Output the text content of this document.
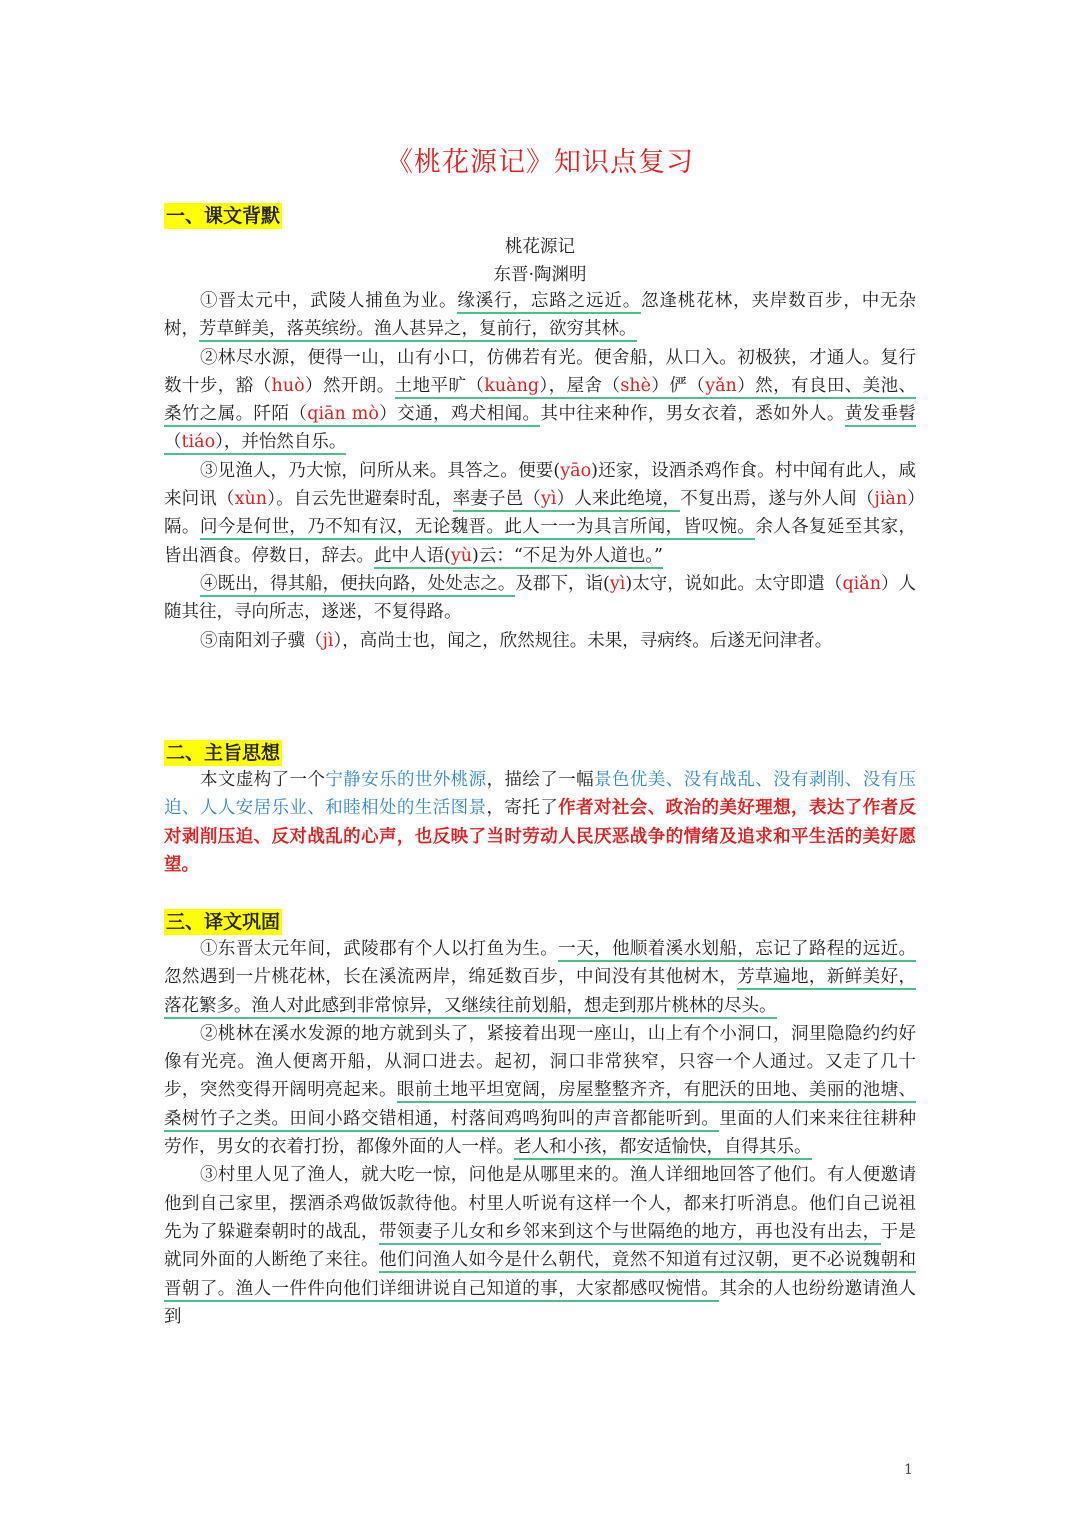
《桃花源记》知识点复习
一、课文背默
桃花源记
东晋·陶渊明

①晋太元中，武陵人捕鱼为业。缘溪行，忘路之远近。忽逢桃花林，夹岸数百步，中无杂树，芳草鲜美，落英缤纷。渔人甚异之，复前行，欲穷其林。

②林尽水源，便得一山，山有小口，仿佛若有光。便舍船，从口入。初极狭，才通人。复行数十步，豁（huò）然开朗。土地平旷（kuàng），屋舍（shè）俨（yǎn）然，有良田、美池、桑竹之属。阡陌（qiān mò）交通，鸡犬相闻。其中往来种作，男女衣着，悉如外人。黄发垂髫（tiáo），并怡然自乐。

③见渔人，乃大惊，问所从来。具答之。便要(yāo)还家，设酒杀鸡作食。村中闻有此人，咸来问讯（xùn）。自云先世避秦时乱，率妻子邑（yì）人来此绝境，不复出焉，遂与外人间（jiàn）隔。问今是何世，乃不知有汉，无论魏晋。此人一一为具言所闻，皆叹惋。余人各复延至其家，皆出酒食。停数日，辞去。此中人语(yù)云：“不足为外人道也。”

④既出，得其船，便扶向路，处处志之。及郡下，诣(yì)太守，说如此。太守即遣（qiǎn）人随其往，寻向所志，遂迷，不复得路。

⑤南阳刘子骥（jì），高尚士也，闻之，欣然规往。未果，寻病终。后遂无问津者。

二、主旨思想

本文虚构了一个宁静安乐的世外桃源，描绘了一幅景色优美、没有战乱、没有剥削、没有压迫、人人安居乐业、和睦相处的生活图景，寄托了作者对社会、政治的美好理想，表达了作者反对剥削压迫、反对战乱的心声，也反映了当时劳动人民厌恶战争的情绪及追求和平生活的美好愿望。

三、译文巩固

①东晋太元年间，武陵郡有个人以打鱼为生。一天，他顺着溪水划船，忘记了路程的远近。忽然遇到一片桃花林，长在溪流两岸，绵延数百步，中间没有其他树木，芳草遍地，新鲜美好，落花繁多。渔人对此感到非常惊异，又继续往前划船，想走到那片桃林的尽头。

②桃林在溪水发源的地方就到头了，紧接着出现一座山，山上有个小洞口，洞里隐隐约约好像有光亮。渔人便离开船，从洞口进去。起初，洞口非常狭窄，只容一个人通过。又走了几十步，突然变得开阔明亮起来。眼前土地平坦宽阔，房屋整整齐齐，有肥沃的田地、美丽的池塘、桑树竹子之类。田间小路交错相通，村落间鸡鸣狗叫的声音都能听到。里面的人们来来往往耕种劳作，男女的衣着打扮，都像外面的人一样。老人和小孩，都安适愉快，自得其乐。

③村里人见了渔人，就大吃一惊，问他是从哪里来的。渔人详细地回答了他们。有人便邀请他到自己家里，摆酒杀鸡做饭款待他。村里人听说有这样一个人，都来打听消息。他们自己说祖先为了躲避秦朝时的战乱，带领妻子儿女和乡邻来到这个与世隔绝的地方，再也没有出去，于是就同外面的人断绝了来往。他们问渔人如今是什么朝代，竟然不知道有过汉朝，更不必说魏朝和晋朝了。渔人一件件向他们详细讲说自己知道的事，大家都感叹惋惜。其余的人也纷纷邀请渔人到

1
